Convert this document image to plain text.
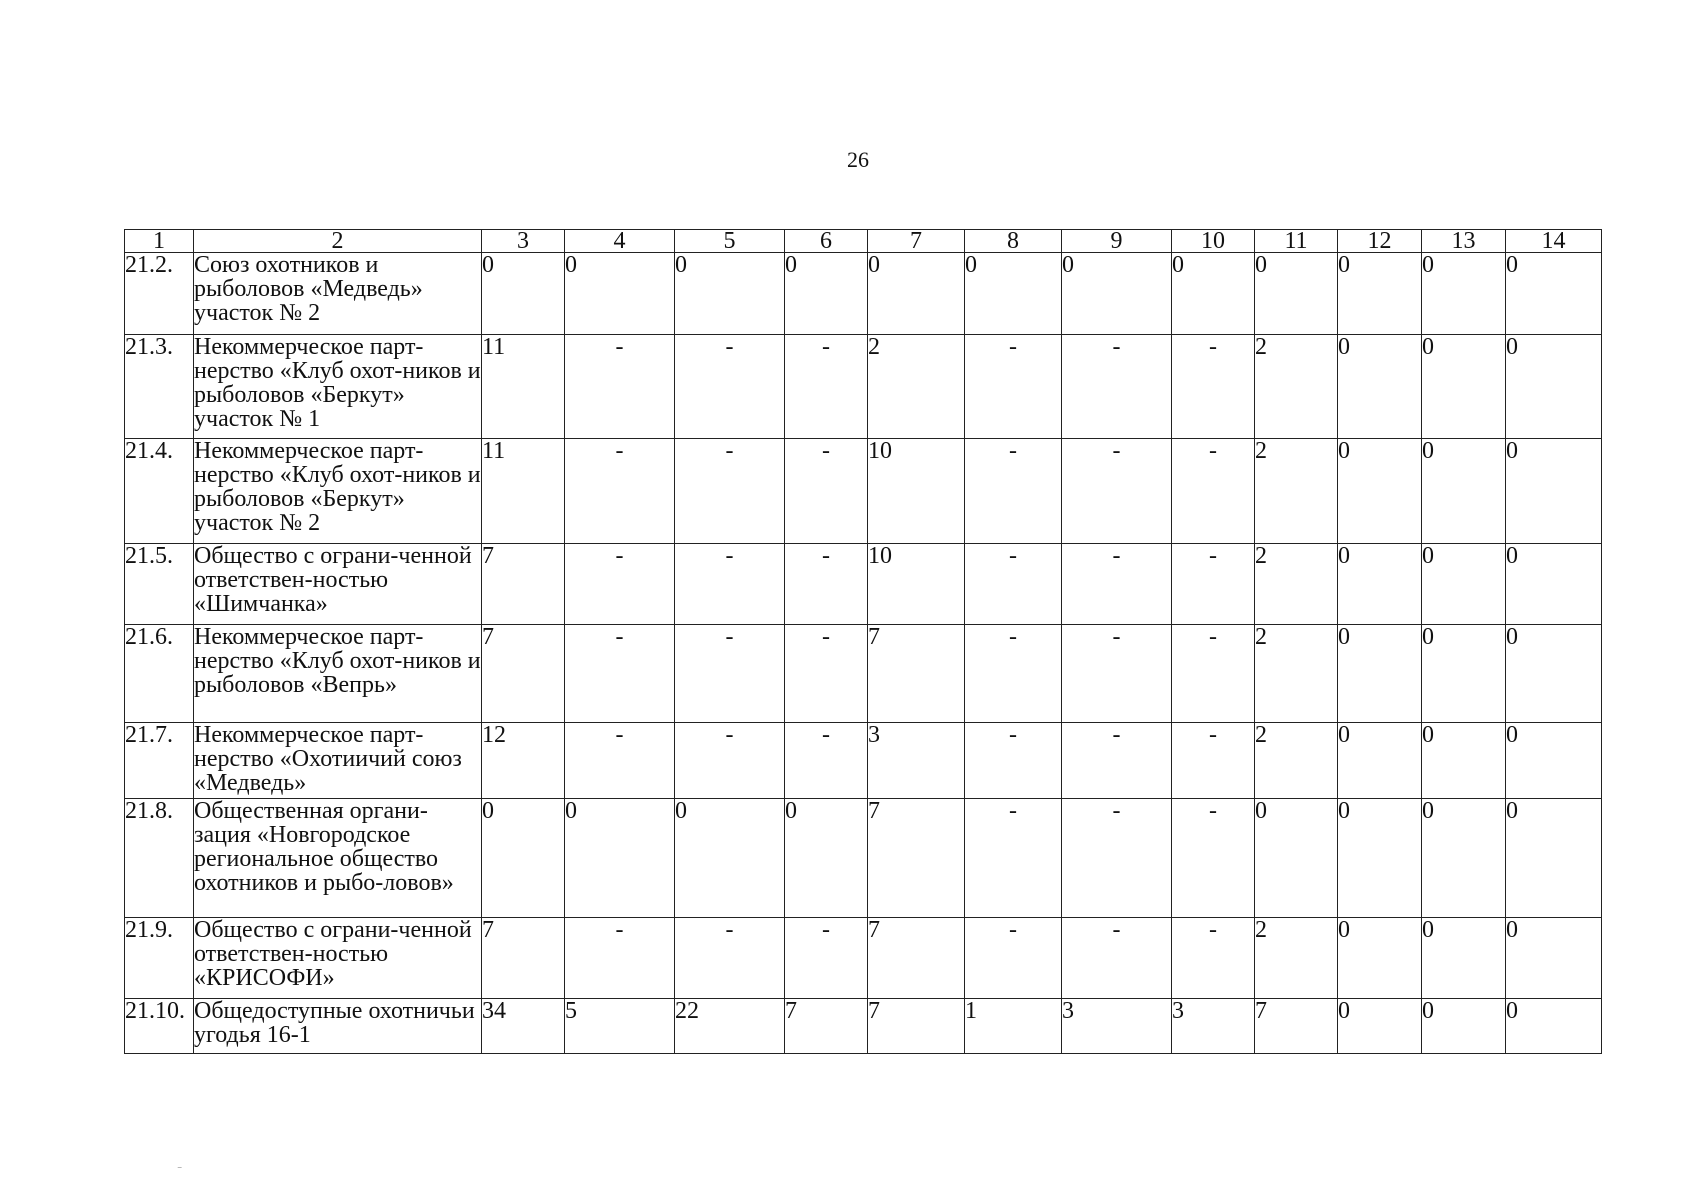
26
1	2	3	4	5	6	7	8	9	10	11	12	13	14
21.2.	Союз охотников и рыболовов «Медведь» участок № 2	0	0	0	0	0	0	0	0	0	0	0	0
21.3.	Некоммерческое парт-нерство «Клуб охот-ников и рыболовов «Беркут» участок № 1	11	-	-	-	2	-	-	-	2	0	0	0
21.4.	Некоммерческое парт-нерство «Клуб охот-ников и рыболовов «Беркут» участок № 2	11	-	-	-	10	-	-	-	2	0	0	0
21.5.	Общество с ограни-ченной ответствен-ностью «Шимчанка»	7	-	-	-	10	-	-	-	2	0	0	0
21.6.	Некоммерческое парт-нерство «Клуб охот-ников и рыболовов «Вепрь»	7	-	-	-	7	-	-	-	2	0	0	0
21.7.	Некоммерческое парт-нерство «Охотиичий союз «Медведь»	12	-	-	-	3	-	-	-	2	0	0	0
21.8.	Общественная органи-зация «Новгородское региональное общество охотников и рыбо-ловов»	0	0	0	0	7	-	-	-	0	0	0	0
21.9.	Общество с ограни-ченной ответствен-ностью «КРИСОФИ»	7	-	-	-	7	-	-	-	2	0	0	0
21.10.	Общедоступные охотничьи угодья 16-1	34	5	22	7	7	1	3	3	7	0	0	0
‾
